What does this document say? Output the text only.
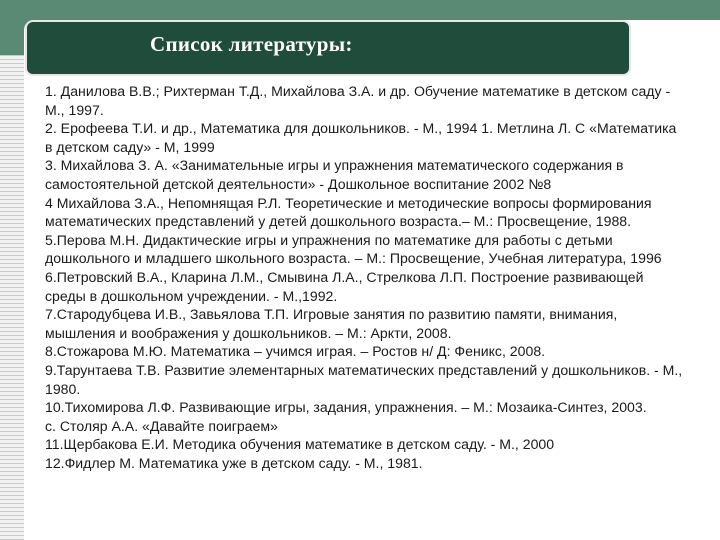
Список литературы:

1. Данилова В.В.; Рихтерман Т.Д., Михайлова З.А. и др. Обучение математике в детском саду - М., 1997.

2. Ерофеева Т.И. и др., Математика для дошкольников. - М., 1994 1. Метлина Л. С «Математика в детском саду» - М, 1999

3. Михайлова З. А. «Занимательные игры и упражнения математического содержания в самостоятельной детской деятельности» - Дошкольное воспитание 2002 №8

4 Михайлова З.А., Непомнящая Р.Л. Теоретические и методические вопросы формирования математических представлений у детей дошкольного возраста.– М.: Просвещение, 1988.

5.Перова М.Н. Дидактические игры и упражнения по математике для работы с детьми дошкольного и младшего школьного возраста. – М.: Просвещение, Учебная литература, 1996

6.Петровский В.А., Кларина Л.М., Смывина Л.А., Стрелкова Л.П. Построение развивающей среды в дошкольном учреждении. - М.,1992.

7.Стародубцева И.В., Завьялова Т.П. Игровые занятия по развитию памяти, внимания, мышления и воображения у дошкольников. – М.: Аркти, 2008.

8.Стожарова М.Ю. Математика – учимся играя. – Ростов н/ Д: Феникс, 2008.

9.Тарунтаева Т.В. Развитие элементарных математических представлений у дошкольников. - М., 1980.

10.Тихомирова Л.Ф. Развивающие игры, задания, упражнения. – М.: Мозаика-Синтез, 2003.

с. Столяр А.А. «Давайте поиграем»

11.Щербакова Е.И. Методика обучения математике в детском саду. - М., 2000

12.Фидлер М. Математика уже в детском саду. - М., 1981.
